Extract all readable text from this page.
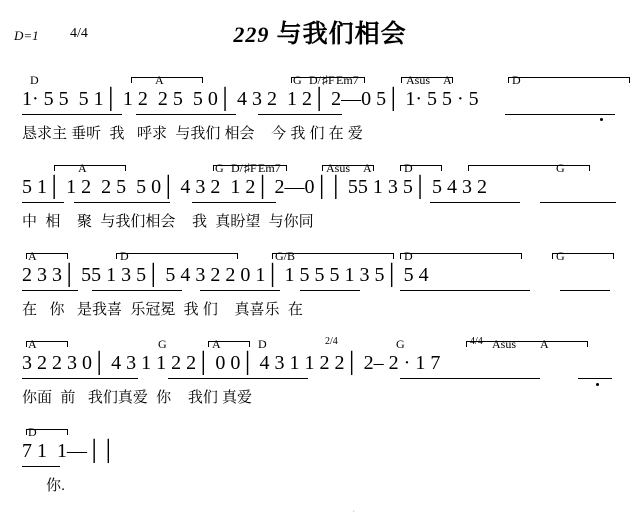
D=1 4/4	229 与我们相会
D	A	G D/ ♯F Em7	Asus A	D
1· 5 5  5 1│ 1 2  2 5  5 0│ 4 3 2  1 2│ 2––0 5│ 1· 5 5 · 5
恳求主 垂听  我   呼求  与我们 相会    今 我 们 在 爱
A	G D/ ♯F Em7	Asus A	D	G
5 1│ 1 2  2 5  5 0│ 4 3 2  1 2│ 2––0││ 55 1 3 5│ 5 4 3 2
中  相    聚  与我们相会    我  真盼望  与你同
A	D	G/B	D	G
2 3 3│ 55 1 3 5│ 5 4 3 2 2 0 1│ 1 5 5 5 1 3 5│ 5 4
在   你   是我喜  乐冠冕  我 们    真喜乐  在
A	G	A	D	2/4	G	4/4 Asus A
3 2 2 3 0│ 4 3 1 1 2 2│ 0 0│ 4 3 1 1 2 2│ 2– 2 · 1 7
你面  前   我们真爱  你    我们 真爱
D
7 1  1––││
你.
.
